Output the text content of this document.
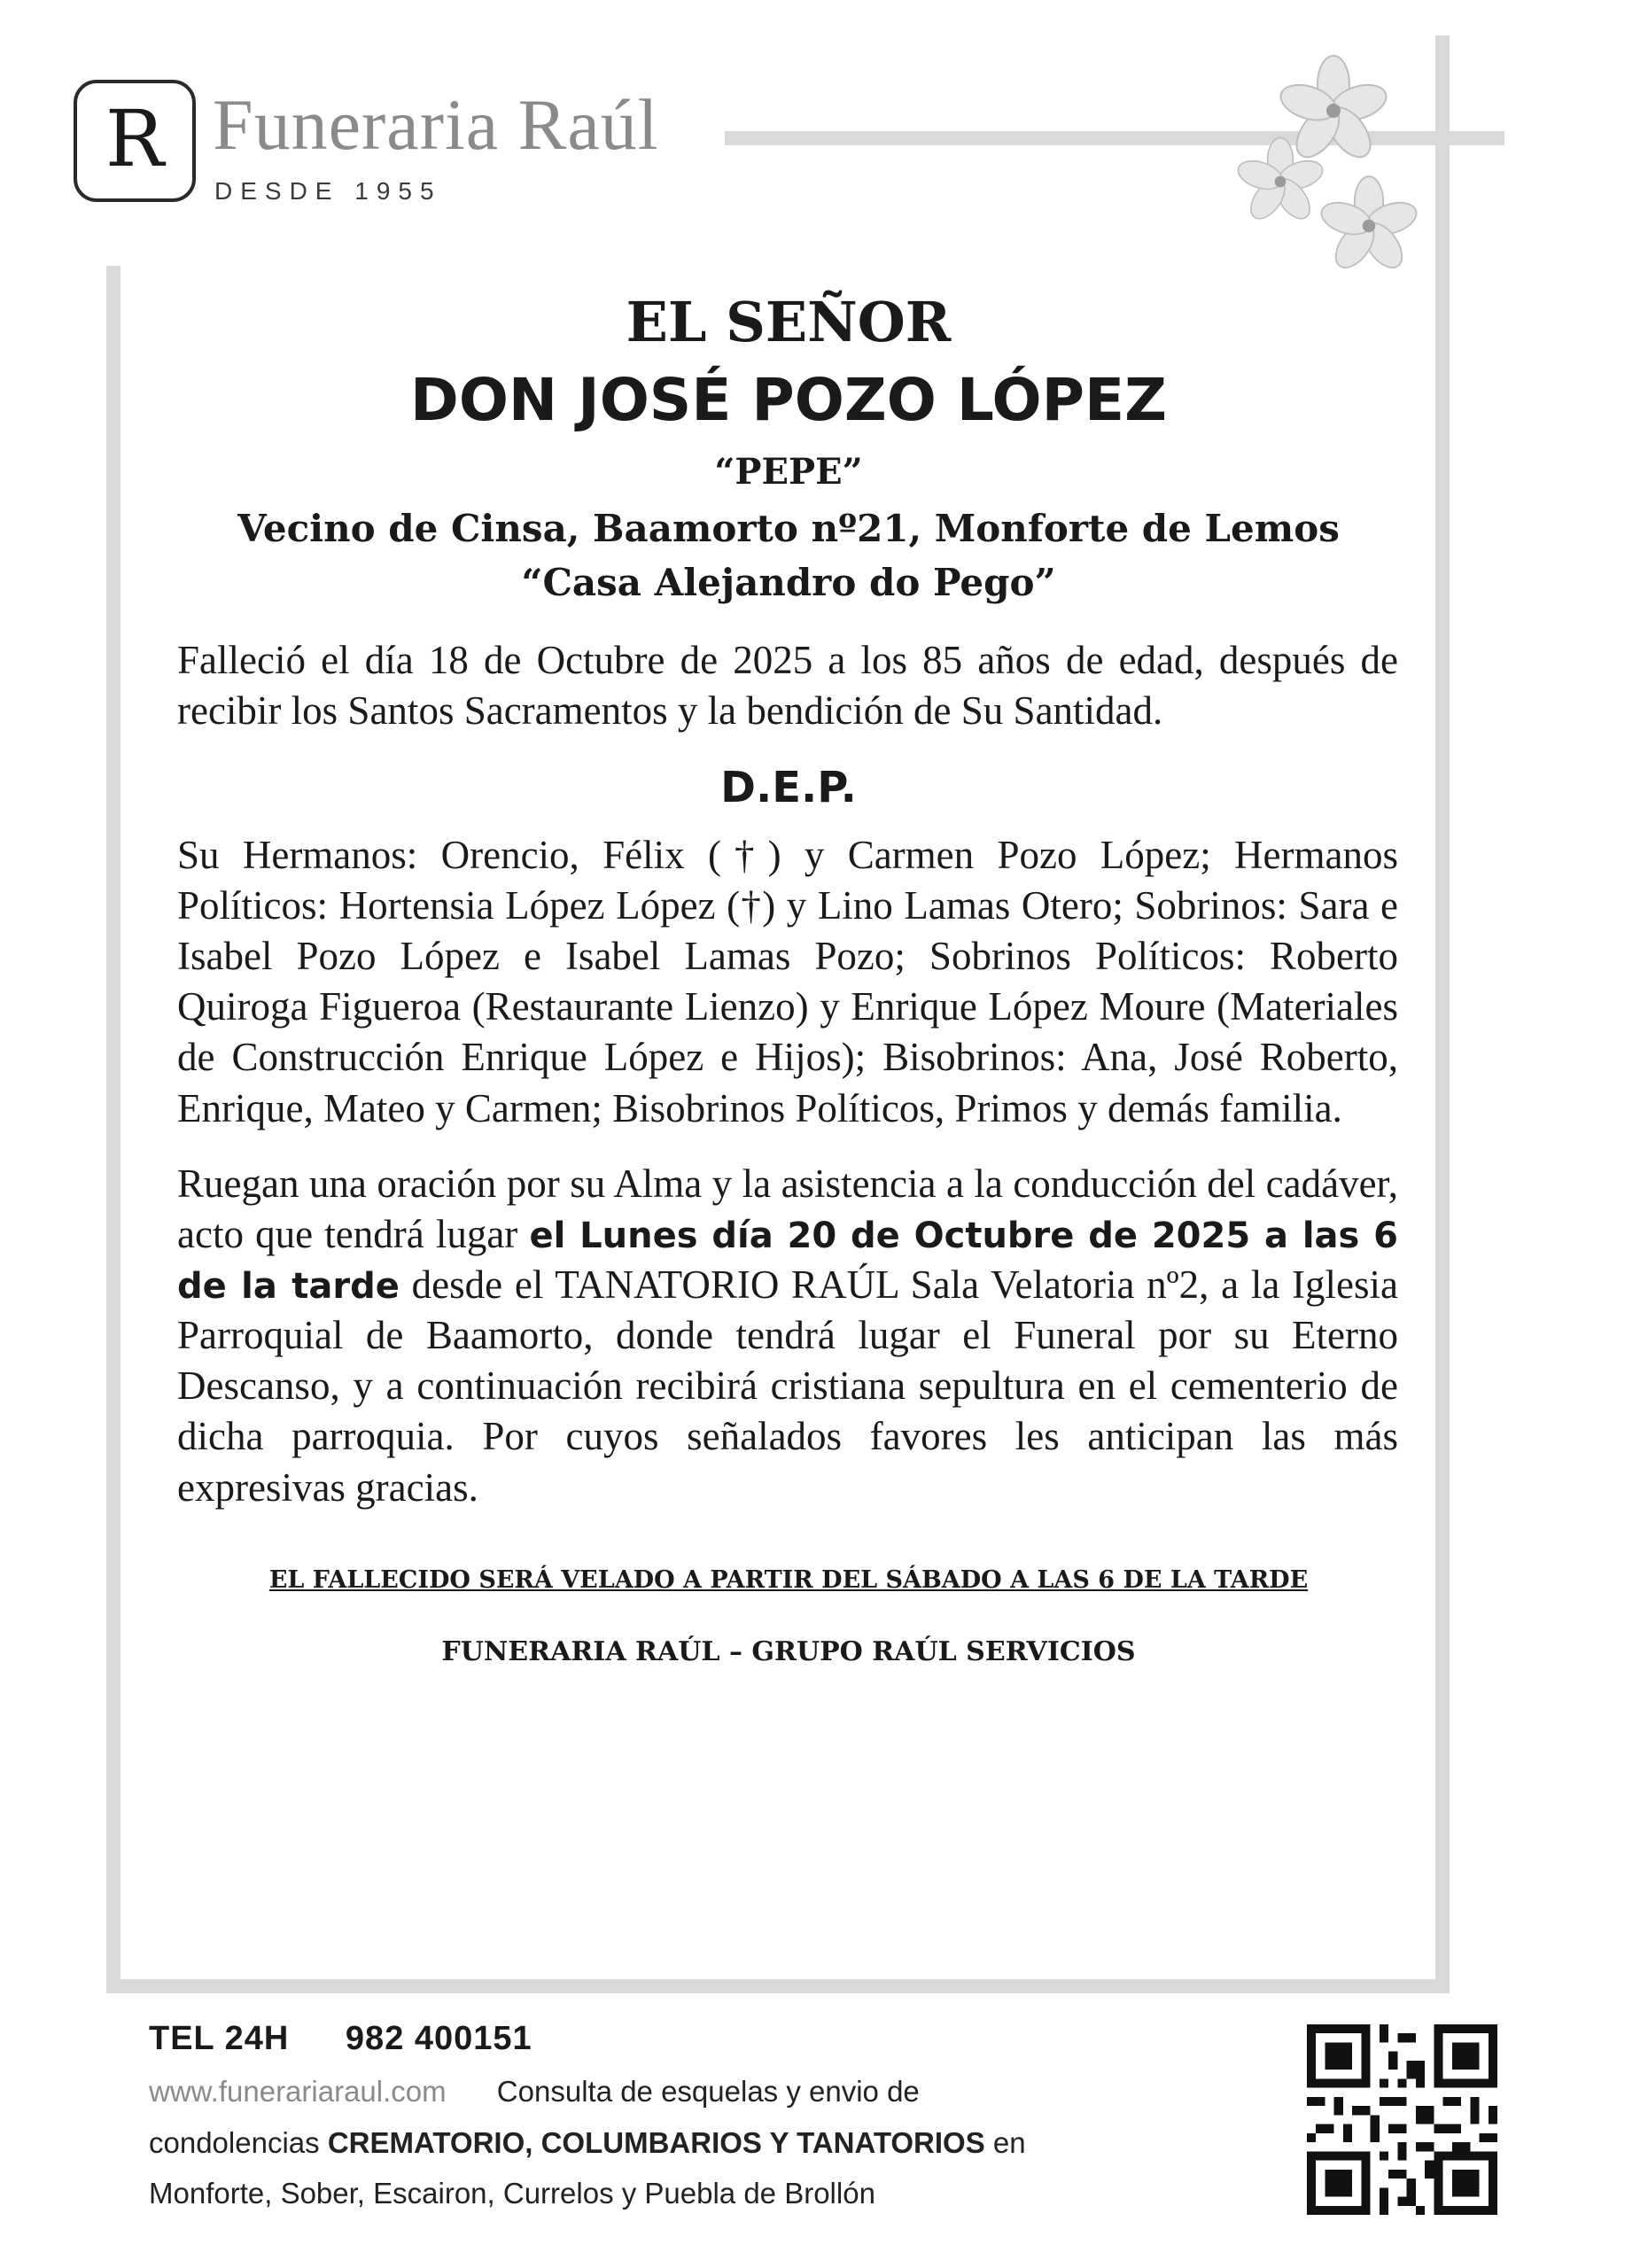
R Funeraria Raúl
DESDE 1955
EL SEÑOR
DON JOSÉ POZO LÓPEZ
“PEPE”
Vecino de Cinsa, Baamorto nº21, Monforte de Lemos
“Casa Alejandro do Pego”

Falleció el día 18 de Octubre de 2025 a los 85 años de edad, después de recibir los Santos Sacramentos y la bendición de Su Santidad.

D.E.P.

Su Hermanos: Orencio, Félix (†) y Carmen Pozo López; Hermanos Políticos: Hortensia López López (†) y Lino Lamas Otero; Sobrinos: Sara e Isabel Pozo López e Isabel Lamas Pozo; Sobrinos Políticos: Roberto Quiroga Figueroa (Restaurante Lienzo) y Enrique López Moure (Materiales de Construcción Enrique López e Hijos); Bisobrinos: Ana, José Roberto, Enrique, Mateo y Carmen; Bisobrinos Políticos, Primos y demás familia.

Ruegan una oración por su Alma y la asistencia a la conducción del cadáver, acto que tendrá lugar el Lunes día 20 de Octubre de 2025 a las 6 de la tarde desde el TANATORIO RAÚL Sala Velatoria nº2, a la Iglesia Parroquial de Baamorto, donde tendrá lugar el Funeral por su Eterno Descanso, y a continuación recibirá cristiana sepultura en el cementerio de dicha parroquia. Por cuyos señalados favores les anticipan las más expresivas gracias.

EL FALLECIDO SERÁ VELADO A PARTIR DEL SÁBADO A LAS 6 DE LA TARDE
FUNERARIA RAÚL – GRUPO RAÚL SERVICIOS
TEL 24H 982 400151
www.funerariaraul.com Consulta de esquelas y envio de
condolencias CREMATORIO, COLUMBARIOS Y TANATORIOS en
Monforte, Sober, Escairon, Currelos y Puebla de Brollón
